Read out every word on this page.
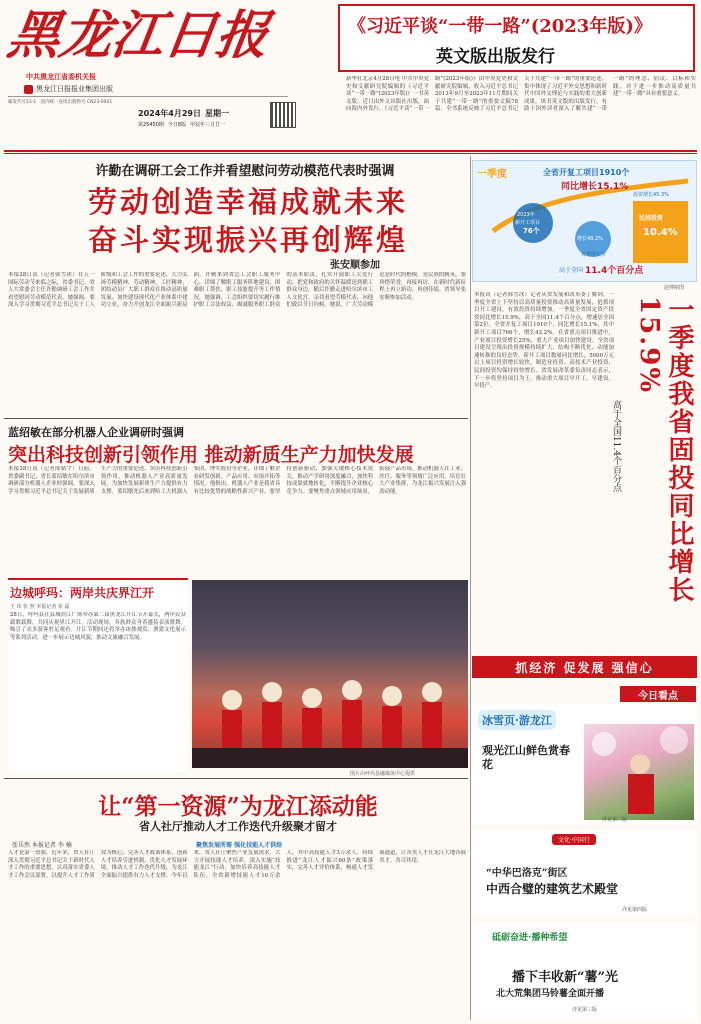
黑龙江日报
中共黑龙江省委机关报
黑龙江日报报业集团出版
邮发代号13-1 国内统一连续出版物号 CN23-0001
2024年4月29日 星期一
第25450期 今日8版 甲辰年三月廿一
《习近平谈“一带一路”(2023年版)》
英文版出版发行
新华社北京4月28日电 中共中央党史和文献研究院编辑的《习近平谈“一带一路”(2023年版)》一书英文版，近日由外文出版社出版，面向海内外发行。《习近平谈“一带一路”(2023年版)》由中央党史和文献研究院编辑，收入习近平总书记2013年9月至2023年11月期间关于共建“一带一路”的重要文稿78篇。全书系统反映了习近平总书记关于共建“一带一路”的重要论述，集中体现了习近平外交思想和新时代中国外交理论与实践的重大创新成果。该书英文版的出版发行，有助于国外读者深入了解共建“一带一路”的理念、倡议、目标和实践，对于进一步推动高质量共建“一带一路”具有重要意义。
许勤在调研工会工作并看望慰问劳动模范代表时强调
劳动创造幸福成就未来
奋斗实现振兴再创辉煌
张安顺参加
本报28日讯（记者韩雪冰）在五一国际劳动节来临之际，省委书记、省人大常委会主任许勤调研工会工作并看望慰问劳动模范代表。她强调，要深入学习贯彻习近平总书记关于工人阶级和工会工作的重要论述，大力弘扬劳模精神、劳动精神、工匠精神，团结动员广大职工群众在推动高质量发展、加快建设现代化产业体系中建功立业，奋力开创龙江全面振兴新局面。许勤来到省总工会职工服务中心，详细了解职工服务阵地建设、困难职工帮扶、职工技能提升等工作情况，她强调，工会组织要切实履行维护职工合法权益、竭诚服务职工群众的基本职责，扎实开展职工关爱行动，把党和政府的关怀温暖送到职工群众身边。随后许勤走进哈尔滨市工人文化宫，亲切看望劳模代表，向他们致以节日问候。她说，广大劳动模范是时代的楷模，是民族的精英，要珍惜荣誉，再接再厉，在新时代新征程上再立新功、再创佳绩。省领导张安顺参加活动。
一季度	全省开复工项目1910个
同比增长15.1%
2023年
新开工项目
76个
增长48.2%
投资增长45.3%
民间投资
10.4%
每季增长率
高于全国 11.4个百分点
赵博制图
本报讯（记者韩雪冰）记者从省发展和改革委了解到，一季度全省上下坚持以高质量投资推动高质量发展，抢抓项目开工建设，有效投资持续增加。一季度全省固定资产投资同比增长15.9%，高于全国11.4个百分点，增速居全国第2位。全省开复工项目1910个，同比增长15.1%，其中新开工项目766个，增长43.2%。在省重点项目推进中，产业项目投资增长25%，重大产业项目加快建设。全省项目建设呈现出投资规模持续扩大、结构不断优化、动能加速转换的良好态势。新开工项目数量同比增长，5000万元以上项目投资增长较快，制造业投资、高技术产业投资、民间投资均保持较快增长。省发展改革委负责同志表示，下一步将坚持项目为王，推动重大项目早开工、早建设、早投产。	一季度我省固投同比增长15.9%
高于全国11.4个百分点
抓经济 促发展 强信心
蓝绍敏在部分机器人企业调研时强调
突出科技创新引领作用 推动新质生产力加快发展
本报28日讯（记者薛婧宇）日前，省委副书记、省长蓝绍敏在哈尔滨市调研部分机器人企业时强调，要深入学习贯彻习近平总书记关于发展新质生产力的重要论述，突出科技创新引领作用，推动机器人产业高质量发展，为加快发展新质生产力提供有力支撑。蓝绍敏先后来到哈工大机器人集团、博实股份等企业，详细了解企业研发创新、产品应用、市场开拓等情况。他指出，机器人产业是我省具有比较优势的战略性新兴产业，要坚持创新驱动，加强关键核心技术攻关，推动产学研用深度融合，加快科技成果就地转化，不断提升企业核心竞争力。要聚焦重点领域应用场景，拓展产品市场，推动机器人在工业、医疗、服务等领域广泛应用，培育壮大产业集群，为龙江振兴发展注入强劲动能。
边城呼玛：两岸共庆界江开
王 玮 张 照 本报记者 张 磊
28日，呼玛县在县城滨江广场举办第二届黑龙江开江节开幕式，两岸民众载歌载舞，共同庆祝界江开江。活动现场，各族群众身着盛装表演歌舞，吸引了众多游客驻足观看。开江节期间还将举办冰排观赏、渔猎文化展示等系列活动，进一步展示边城风貌，推动文旅融合发展。
图片由呼玛县融媒体中心提供
让“第一资源”为龙江添动能
省人社厅推动人才工作迭代升级聚才留才
张乐然 本报记者 李 楠
人才是第一资源。近年来，省人社厅深入贯彻习近平总书记关于新时代人才工作的重要思想，认真落实省委人才工作会议部署，以提升人才工作质效为核心，完善人才政策体系，创新人才培养引进机制，优化人才发展环境，推动人才工作迭代升级，为龙江全面振兴提供有力人才支撑。今年以来，省人社厅聚焦产业发展需求，大力开展技能人才培养，深入实施“技能龙江”行动，加快培养高技能人才队伍。全省新增技能人才10万余人，其中高技能人才3万余人。持续推进“龙江人才振兴60条”政策落实，完善人才评价体系，畅通人才发展通道，让各类人才在龙江大地各展其才、各尽其用。
聚焦发展所需 强化技能人才供给
今日看点
冰雪页·游龙江
观光江山鲜色赏春花
详见第二版
文化·中国行
“中华巴洛克”街区
中西合璧的建筑艺术殿堂
详见第四版
砥砺奋进·播种希望
播下丰收新“薯”光
北大荒集团马铃薯全面开播
详见第三版
